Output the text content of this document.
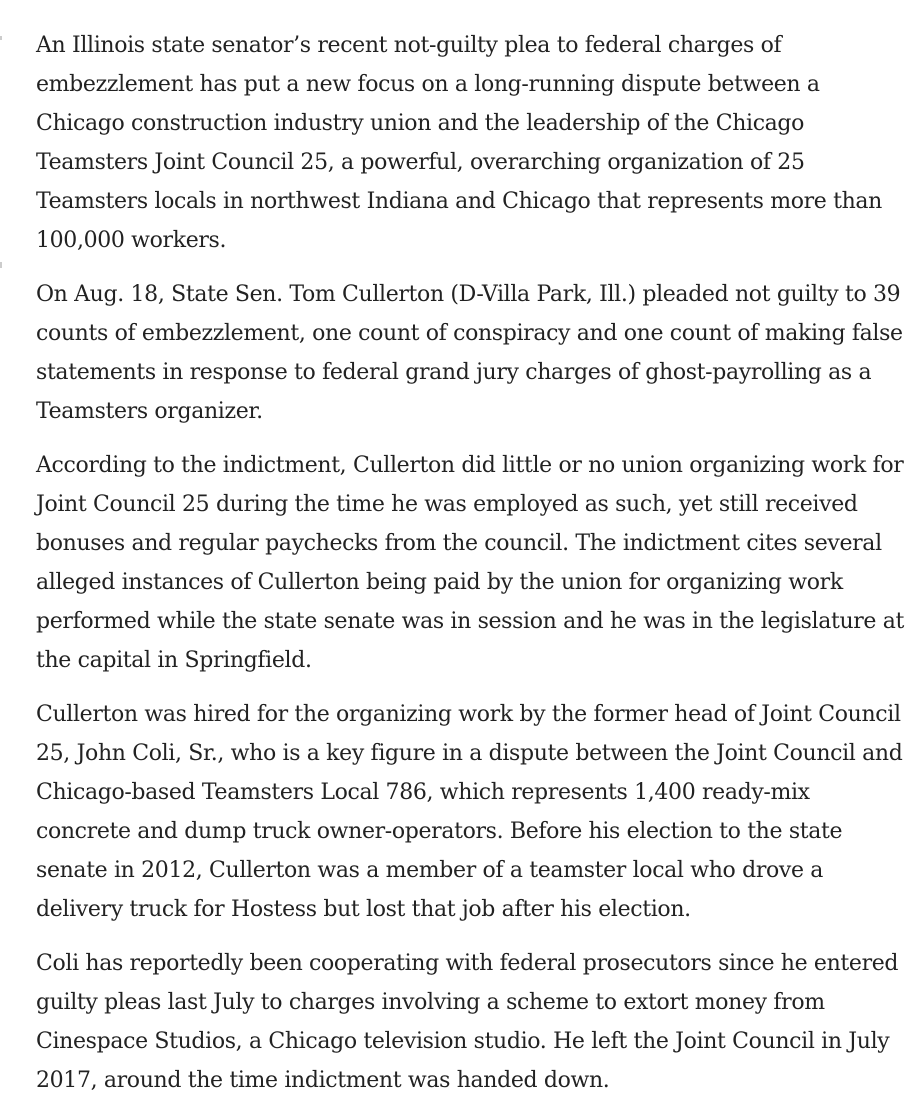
An Illinois state senator’s recent not-guilty plea to federal charges of embezzlement has put a new focus on a long-running dispute between a Chicago construction industry union and the leadership of the Chicago Teamsters Joint Council 25, a powerful, overarching organization of 25 Teamsters locals in northwest Indiana and Chicago that represents more than 100,000 workers.

On Aug. 18, State Sen. Tom Cullerton (D-Villa Park, Ill.) pleaded not guilty to 39 counts of embezzlement, one count of conspiracy and one count of making false statements in response to federal grand jury charges of ghost-payrolling as a Teamsters organizer.

According to the indictment, Cullerton did little or no union organizing work for Joint Council 25 during the time he was employed as such, yet still received bonuses and regular paychecks from the council. The indictment cites several alleged instances of Cullerton being paid by the union for organizing work performed while the state senate was in session and he was in the legislature at the capital in Springfield.

Cullerton was hired for the organizing work by the former head of Joint Council 25, John Coli, Sr., who is a key figure in a dispute between the Joint Council and Chicago-based Teamsters Local 786, which represents 1,400 ready-mix concrete and dump truck owner-operators. Before his election to the state senate in 2012, Cullerton was a member of a teamster local who drove a delivery truck for Hostess but lost that job after his election.

Coli has reportedly been cooperating with federal prosecutors since he entered guilty pleas last July to charges involving a scheme to extort money from Cinespace Studios, a Chicago television studio. He left the Joint Council in July 2017, around the time indictment was handed down.
